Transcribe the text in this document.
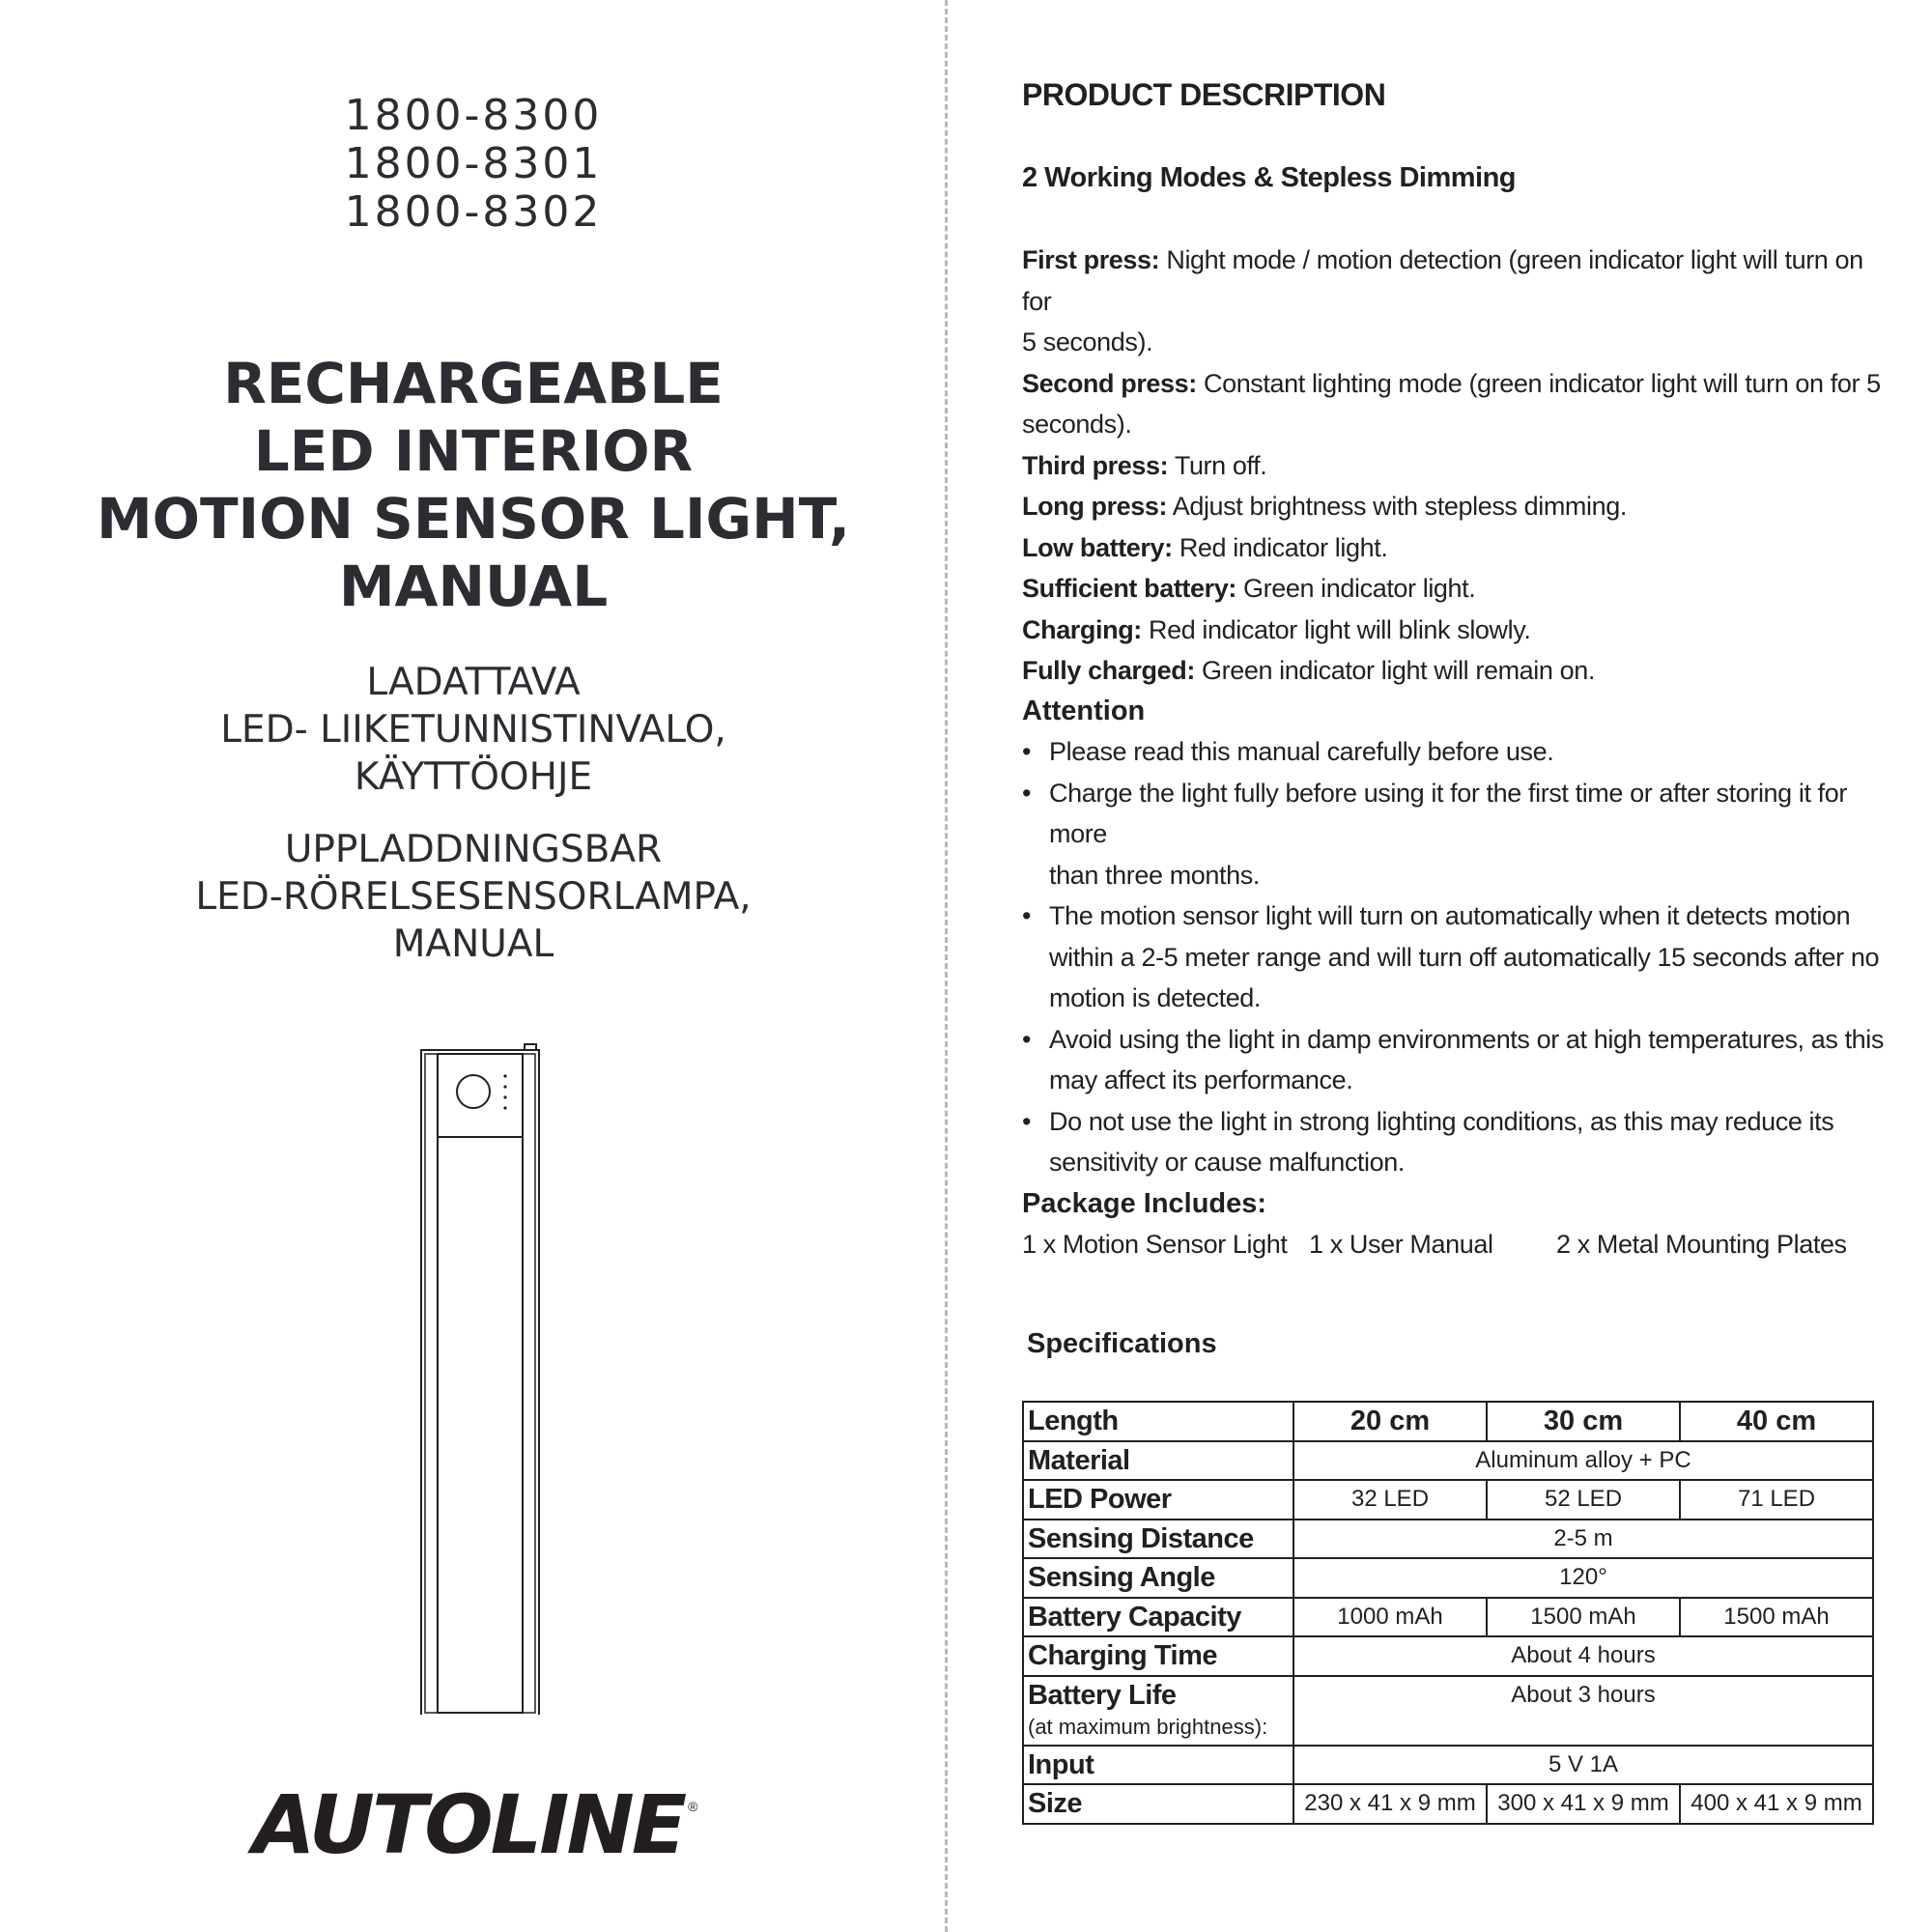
1800-8300
1800-8301
1800-8302
RECHARGEABLE
LED INTERIOR
MOTION SENSOR LIGHT,
MANUAL
LADATTAVA
LED- LIIKETUNNISTINVALO,
KÄYTTÖOHJE
UPPLADDNINGSBAR
LED-RÖRELSESENSORLAMPA,
MANUAL
AUTOLINE ®
PRODUCT DESCRIPTION
2 Working Modes & Stepless Dimming
First press: Night mode / motion detection (green indicator light will turn on for
5 seconds).
Second press: Constant lighting mode (green indicator light will turn on for 5
seconds).
Third press: Turn off.
Long press: Adjust brightness with stepless dimming.
Low battery: Red indicator light.
Sufficient battery: Green indicator light.
Charging: Red indicator light will blink slowly.
Fully charged: Green indicator light will remain on.
Attention
• Please read this manual carefully before use.
• Charge the light fully before using it for the first time or after storing it for more
than three months.
• The motion sensor light will turn on automatically when it detects motion
within a 2-5 meter range and will turn off automatically 15 seconds after no
motion is detected.
• Avoid using the light in damp environments or at high temperatures, as this
may affect its performance.
• Do not use the light in strong lighting conditions, as this may reduce its
sensitivity or cause malfunction.
Package Includes:
1 x Motion Sensor Light 1 x User Manual 2 x Metal Mounting Plates
Specifications
Length	20 cm	30 cm	40 cm
Material	Aluminum alloy + PC		
LED Power	32 LED	52 LED	71 LED
Sensing Distance	2-5 m		
Sensing Angle	120°		
Battery Capacity	1000 mAh	1500 mAh	1500 mAh
Charging Time	About 4 hours		
Battery Life
(at maximum brightness):	About 3 hours		
Input	5 V 1A		
Size	230 x 41 x 9 mm	300 x 41 x 9 mm	400 x 41 x 9 mm
